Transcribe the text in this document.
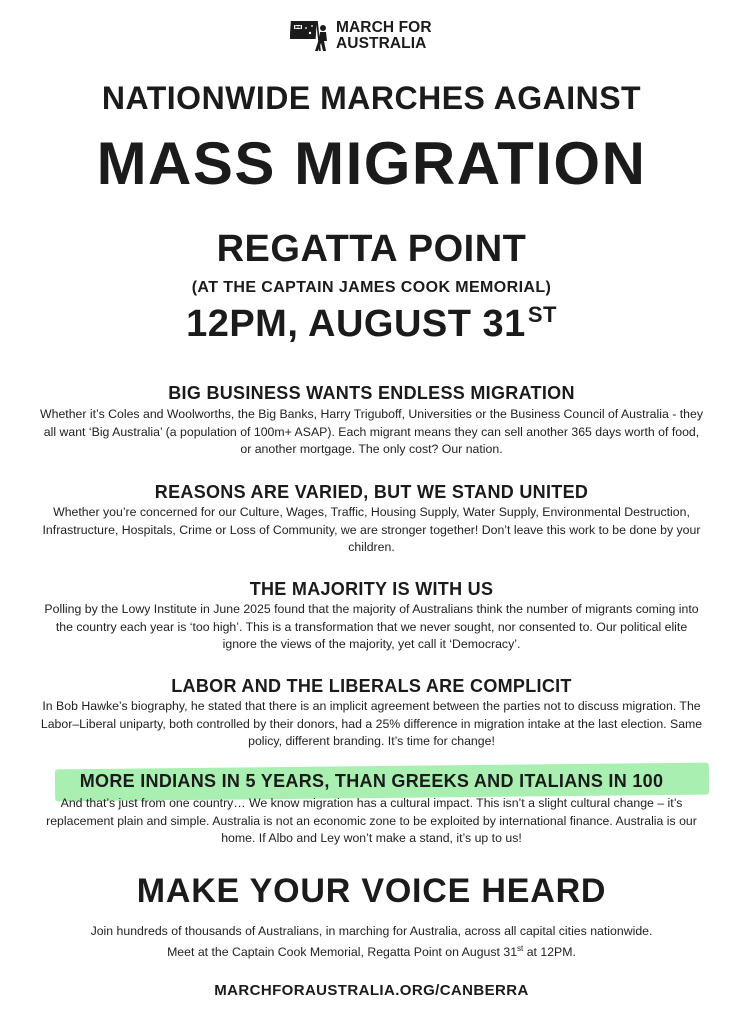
MARCH FOR
AUSTRALIA
NATIONWIDE MARCHES AGAINST
MASS MIGRATION
REGATTA POINT
(AT THE CAPTAIN JAMES COOK MEMORIAL)
12PM, AUGUST 31ST
BIG BUSINESS WANTS ENDLESS MIGRATION
Whether it’s Coles and Woolworths, the Big Banks, Harry Triguboff, Universities or the Business Council of Australia - they all want ‘Big Australia’ (a population of 100m+ ASAP). Each migrant means they can sell another 365 days worth of food, or another mortgage. The only cost? Our nation.
REASONS ARE VARIED, BUT WE STAND UNITED
Whether you’re concerned for our Culture, Wages, Traffic, Housing Supply, Water Supply, Environmental Destruction, Infrastructure, Hospitals, Crime or Loss of Community, we are stronger together! Don’t leave this work to be done by your children.
THE MAJORITY IS WITH US
Polling by the Lowy Institute in June 2025 found that the majority of Australians think the number of migrants coming into the country each year is ‘too high’. This is a transformation that we never sought, nor consented to. Our political elite ignore the views of the majority, yet call it ‘Democracy’.
LABOR AND THE LIBERALS ARE COMPLICIT
In Bob Hawke’s biography, he stated that there is an implicit agreement between the parties not to discuss migration. The Labor–Liberal uniparty, both controlled by their donors, had a 25% difference in migration intake at the last election. Same policy, different branding. It’s time for change!
MORE INDIANS IN 5 YEARS, THAN GREEKS AND ITALIANS IN 100
And that’s just from one country… We know migration has a cultural impact. This isn’t a slight cultural change – it’s replacement plain and simple. Australia is not an economic zone to be exploited by international finance. Australia is our home. If Albo and Ley won’t make a stand, it’s up to us!
MAKE YOUR VOICE HEARD
Join hundreds of thousands of Australians, in marching for Australia, across all capital cities nationwide.
Meet at the Captain Cook Memorial, Regatta Point on August 31st at 12PM.
MARCHFORAUSTRALIA.ORG/CANBERRA
